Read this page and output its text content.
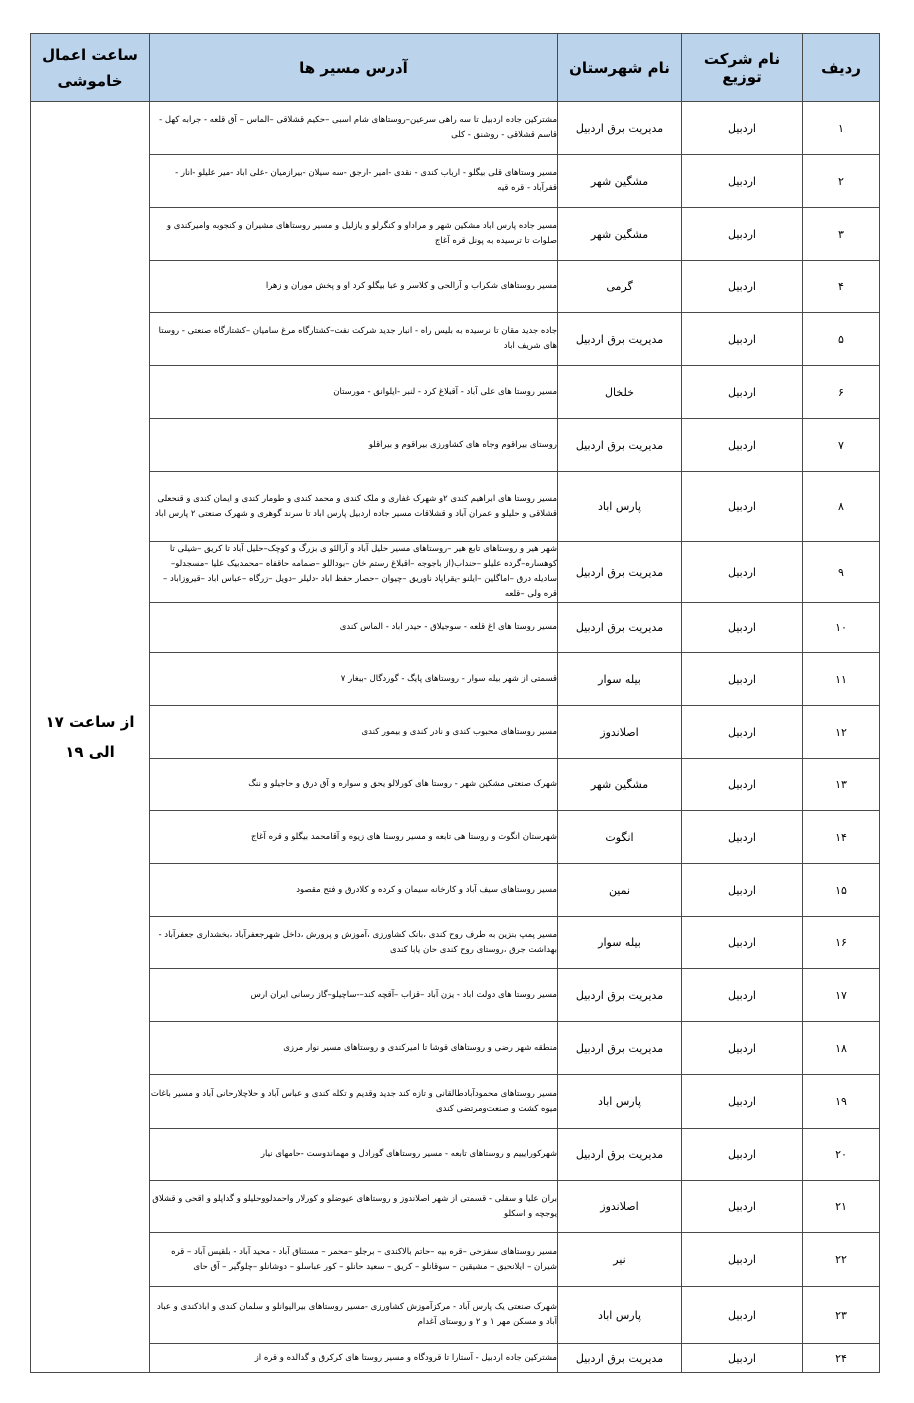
ردیف	نام شرکت توزیع	نام شهرستان	آدرس مسیر ها	ساعت اعمال
خاموشی
۱	اردبیل	مدیریت برق اردبیل	مشترکین جاده اردبیل تا سه راهی سرعین–روستاهای شام اسبی –حکیم قشلاقی –الماس – آق قلعه - جرابه کهل - قاسم قشلاقی - روشنق - کلی	از ساعت ۱۷
الی ۱۹
۲	اردبیل	مشگین شهر	مسیر وستاهای قلی بیگلو - ارباب کندی - نقدی -امیر -ارجق -سه سیلان -بیرازمیان -علی اباد -میر علیلو -انار - قفرآباد - قره قیه	
۳	اردبیل	مشگین شهر	مسیر جاده پارس اباد مشکین شهر و مراداو و کنگرلو و یازلیل و مسیر روستاهای مشیران و کنجوبه وامیرکندی و صلوات تا ترسیده به پونل قره آغاج	
۴	اردبیل	گرمی	مسیر روستاهای شکراب و آرالحی و کلاسر و عبا بیگلو کرد او و پخش موران و زهرا	
۵	اردبیل	مدیریت برق اردبیل	جاده جدید مقان تا نرسیده به بلیس راه - انبار جدید شرکت نفت–کشتارگاه مرغ سامیان –کشتارگاه صنعتی - روستا های شریف اباد	
۶	اردبیل	خلخال	مسیر روستا های علی آباد - آقبلاغ کرد - لنبر -ایلوانق - مورستان	
۷	اردبیل	مدیریت برق اردبیل	روستای بیراقوم وجاه های کشاورزی بیراقوم و بیراقلو	
۸	اردبیل	پارس اباد	مسیر روستا های ابراهیم کندی ۲و شهرک غفاری و ملک کندی و محمد کندی و طومار کندی و ایمان کندی و قنحعلی قشلاقی و حلیلو و عمران آباد و قشلاقات مسیر جاده اردبیل پارس اباد تا سرند گوهری و شهرک صنعتی ۲ پارس اباد	
۹	اردبیل	مدیریت برق اردبیل	شهر هیر و روستاهای تابع هیر –روستاهای مسیر حلیل آباد و آرالئو ی بزرگ و کوچک–حلیل آباد تا کریق –شیلی تا کوهساره–گرده علیلو –حنداب(از باجوجه –اقبلاغ رستم خان –بوداللو –صمامه حاقفاه –محمدبیک علیا –مسجدلو–سادیله درق –اماگلین –ایلنو -یقراپاد ناوریق –چیوان –حصار حفظ اباد -دلیلر –دویل –زرگاه –عباس اباد –قیروزاباد –قره ولی –قلعه	
۱۰	اردبیل	مدیریت برق اردبیل	مسیر روستا های اغ قلعه - سوجیلاق - حیدر اباد - الماس کندی	
۱۱	اردبیل	بیله سوار	قسمتی از شهر بیله سوار - روستاهای پایگ - گوردگال -ببغار ۷	
۱۲	اردبیل	اصلاندوز	مسیر روستاهای محبوب کندی و نادر کندی و بیمور کندی	
۱۳	اردبیل	مشگین شهر	شهرک صنعتی مشکین شهر - روستا های کورلالو یحق و سواره و آق درق و حاجیلو و ننگ	
۱۴	اردبیل	انگوت	شهرستان انگوت و روستا هی تابعه و مسیر روستا های زیوه و آقامحمد بیگلو و قره آغاج	
۱۵	اردبیل	نمین	مسیر روستاهای سیف آباد و کارخانه سیمان و کرده و کلادرق و فتح مقصود	
۱۶	اردبیل	بیله سوار	مسیر پمپ بنزین به طرف روح کندی ،بانک کشاورزی ،آموزش و پرورش ،داخل شهرجعفرآباد ،بخشداری جعفرآباد - بهداشت جرق ،روستای روح کندی حان یابا کندی	
۱۷	اردبیل	مدیریت برق اردبیل	مسیر روستا های دولت اباد - یزن آباد –قزاب –آقچه کند–-ساچیلو–گاز رسانی ایران ارس	
۱۸	اردبیل	مدیریت برق اردبیل	منطقه شهر رضی و روستاهای قوشا تا امیرکندی و روستاهای مسیر نوار مرزی	
۱۹	اردبیل	پارس اباد	مسیر روستاهای محمودآباد‌طالقانی و تازه کند جدید وقدیم و تکله کندی و عباس آباد و حلاچلار‌حانی آباد و مسیر باغات میوه کشت و صنعت‌ومرتضی کندی	
۲۰	اردبیل	مدیریت برق اردبیل	شهرکورایییم و روستاهای تابعه - مسیر روستاهای گورادل و مهماندوست -حامهای نیار	
۲۱	اردبیل	اصلاندوز	بران علیا و سفلی - قسمتی از شهر اصلاندوز و روستاهای عیوضلو و کورلار واحمدلووحلیلو و گداپلو و اقحی و قشلاق یوجچه و اسکلو	
۲۲	اردبیل	نیر	مسیر روستاهای سفزحی –قره بیه –حاتم بالاکندی – برجلو –محمر – مستناق آباد - محید آباد - بلقیس آباد – قره شیران – ایلانحیق – مشیقین – سوقانلو – کریق – سعید حانلو – کور عباسلو – دوشانلو –چلوگیر – آق حای	
۲۳	اردبیل	پارس اباد	شهرک صنعتی یک پارس آباد - مرکزآموزش کشاورزی -مسیر روستاهای بیرالیوانلو و سلمان کندی و اباذکندی و عباد آباد و مسکن مهر ۱ و ۲ و روستای آغدام	
۲۴	اردبیل	مدیریت برق اردبیل	مشترکین جاده اردبیل - آستارا تا قرودگاه و مسیر روستا های کرکرق و گدالده و قره از	
